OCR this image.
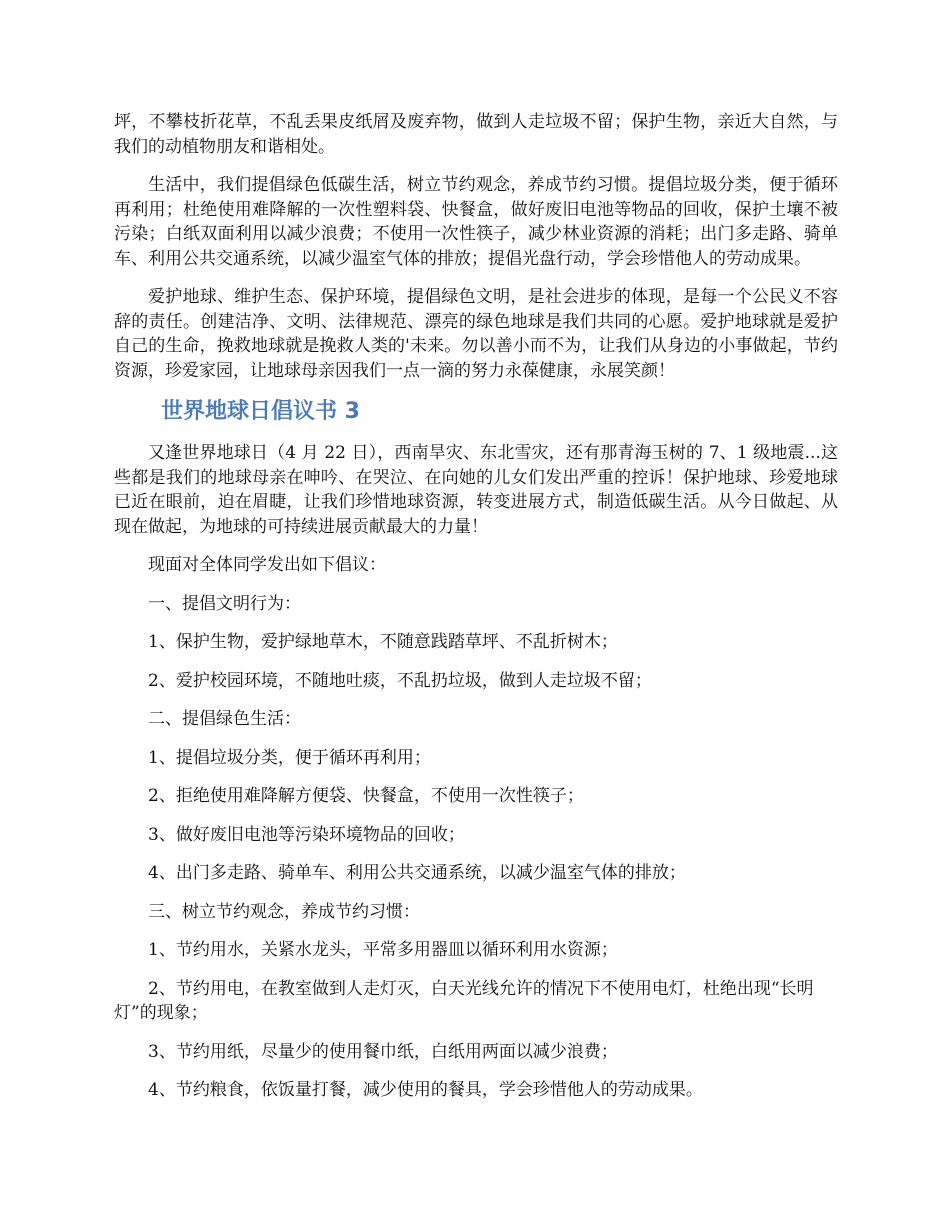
坪，不攀枝折花草，不乱丢果皮纸屑及废弃物，做到人走垃圾不留；保护生物，亲近大自然，与我们的动植物朋友和谐相处。

生活中，我们提倡绿色低碳生活，树立节约观念，养成节约习惯。提倡垃圾分类，便于循环再利用；杜绝使用难降解的一次性塑料袋、快餐盒，做好废旧电池等物品的回收，保护土壤不被污染；白纸双面利用以减少浪费；不使用一次性筷子，减少林业资源的消耗；出门多走路、骑单车、利用公共交通系统，以减少温室气体的排放；提倡光盘行动，学会珍惜他人的劳动成果。

爱护地球、维护生态、保护环境，提倡绿色文明，是社会进步的体现，是每一个公民义不容辞的责任。创建洁净、文明、法律规范、漂亮的绿色地球是我们共同的心愿。爱护地球就是爱护自己的生命，挽救地球就是挽救人类的'未来。勿以善小而不为，让我们从身边的小事做起，节约资源，珍爱家园，让地球母亲因我们一点一滴的努力永葆健康，永展笑颜！

世界地球日倡议书 3

又逢世界地球日（4 月 22 日），西南旱灾、东北雪灾，还有那青海玉树的 7、1 级地震...这些都是我们的地球母亲在呻吟、在哭泣、在向她的儿女们发出严重的控诉！保护地球、珍爱地球已近在眼前，迫在眉睫，让我们珍惜地球资源，转变进展方式，制造低碳生活。从今日做起、从现在做起，为地球的可持续进展贡献最大的力量！

现面对全体同学发出如下倡议：

一、提倡文明行为：

1、保护生物，爱护绿地草木，不随意践踏草坪、不乱折树木；

2、爱护校园环境，不随地吐痰，不乱扔垃圾，做到人走垃圾不留；

二、提倡绿色生活：

1、提倡垃圾分类，便于循环再利用；

2、拒绝使用难降解方便袋、快餐盒，不使用一次性筷子；

3、做好废旧电池等污染环境物品的回收；

4、出门多走路、骑单车、利用公共交通系统，以减少温室气体的排放；

三、树立节约观念，养成节约习惯：

1、节约用水，关紧水龙头，平常多用器皿以循环利用水资源；

2、节约用电，在教室做到人走灯灭，白天光线允许的情况下不使用电灯，杜绝出现“长明灯”的现象；

3、节约用纸，尽量少的使用餐巾纸，白纸用两面以减少浪费；

4、节约粮食，依饭量打餐，减少使用的餐具，学会珍惜他人的劳动成果。
